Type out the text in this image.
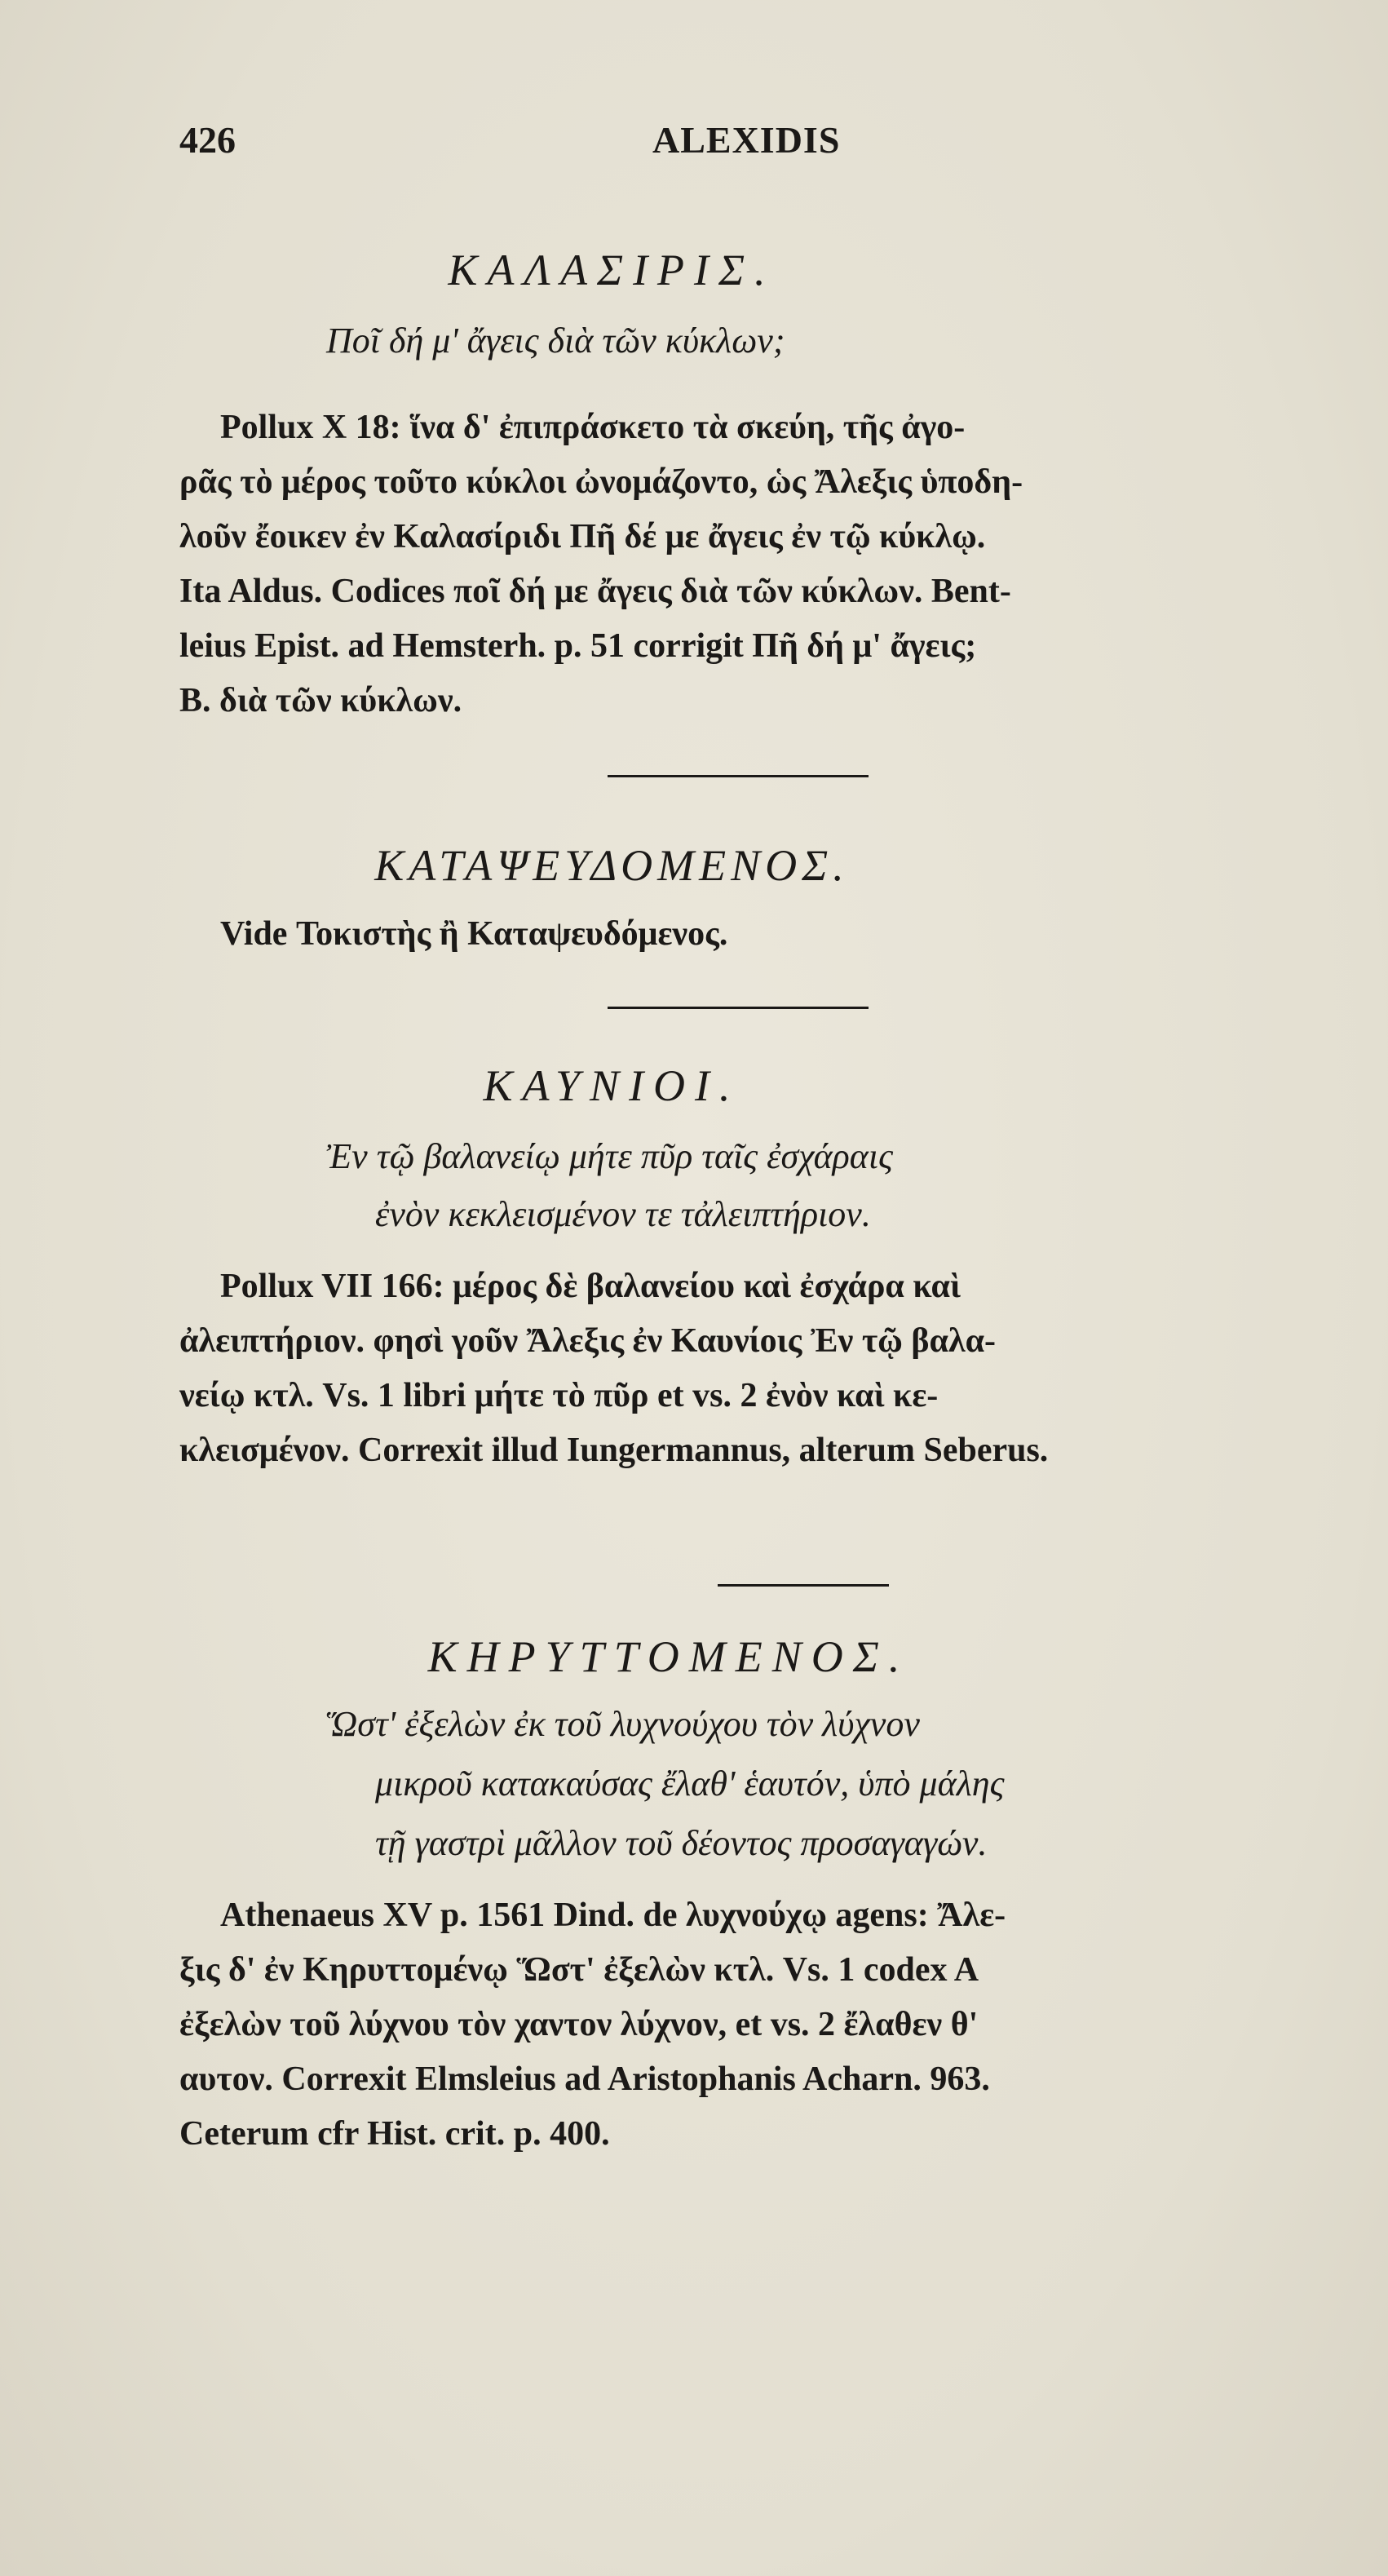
426	ALEXIDIS
ΚΑΛΑΣΙΡΙΣ.
Ποῖ δή μ' ἄγεις διὰ τῶν κύκλων;
Pollux X 18: ἵνα δ' ἐπιπράσκετο τὰ σκεύη, τῆς ἀγο-
ρᾶς τὸ μέρος τοῦτο κύκλοι ὠνομάζοντο, ὡς Ἄλεξις ὑποδη-
λοῦν ἔοικεν ἐν Καλασίριδι Πῆ δέ με ἄγεις ἐν τῷ κύκλῳ.
Ita Aldus. Codices ποῖ δή με ἄγεις διὰ τῶν κύκλων. Bent-
leius Epist. ad Hemsterh. p. 51 corrigit Πῆ δή μ' ἄγεις;
Β. διὰ τῶν κύκλων.
ΚΑΤΑΨΕΥΔΟΜΕΝΟΣ.
Vide Τοκιστὴς ἢ Καταψευδόμενος.
ΚΑΥΝΙΟΙ.
Ἐν τῷ βαλανείῳ μήτε πῦρ ταῖς ἐσχάραις
ἐνὸν κεκλεισμένον τε τἀλειπτήριον.
Pollux VII 166: μέρος δὲ βαλανείου καὶ ἐσχάρα καὶ
ἀλειπτήριον. φησὶ γοῦν Ἄλεξις ἐν Καυνίοις Ἐν τῷ βαλα-
νείῳ κτλ. Vs. 1 libri μήτε τὸ πῦρ et vs. 2 ἐνὸν καὶ κε-
κλεισμένον. Correxit illud Iungermannus, alterum Seberus.
ΚΗΡΥΤΤΟΜΕΝΟΣ.
Ὥστ' ἐξελὼν ἐκ τοῦ λυχνούχου τὸν λύχνον
μικροῦ κατακαύσας ἔλαθ' ἑαυτόν, ὑπὸ μάλης
τῇ γαστρὶ μᾶλλον τοῦ δέοντος προσαγαγών.
Athenaeus XV p. 1561 Dind. de λυχνούχῳ agens: Ἄλε-
ξις δ' ἐν Κηρυττομένῳ Ὥστ' ἐξελὼν κτλ. Vs. 1 codex A
ἐξελὼν τοῦ λύχνου τὸν χαντον λύχνον, et vs. 2 ἔλαθεν θ'
αυτον. Correxit Elmsleius ad Aristophanis Acharn. 963.
Ceterum cfr Hist. crit. p. 400.
